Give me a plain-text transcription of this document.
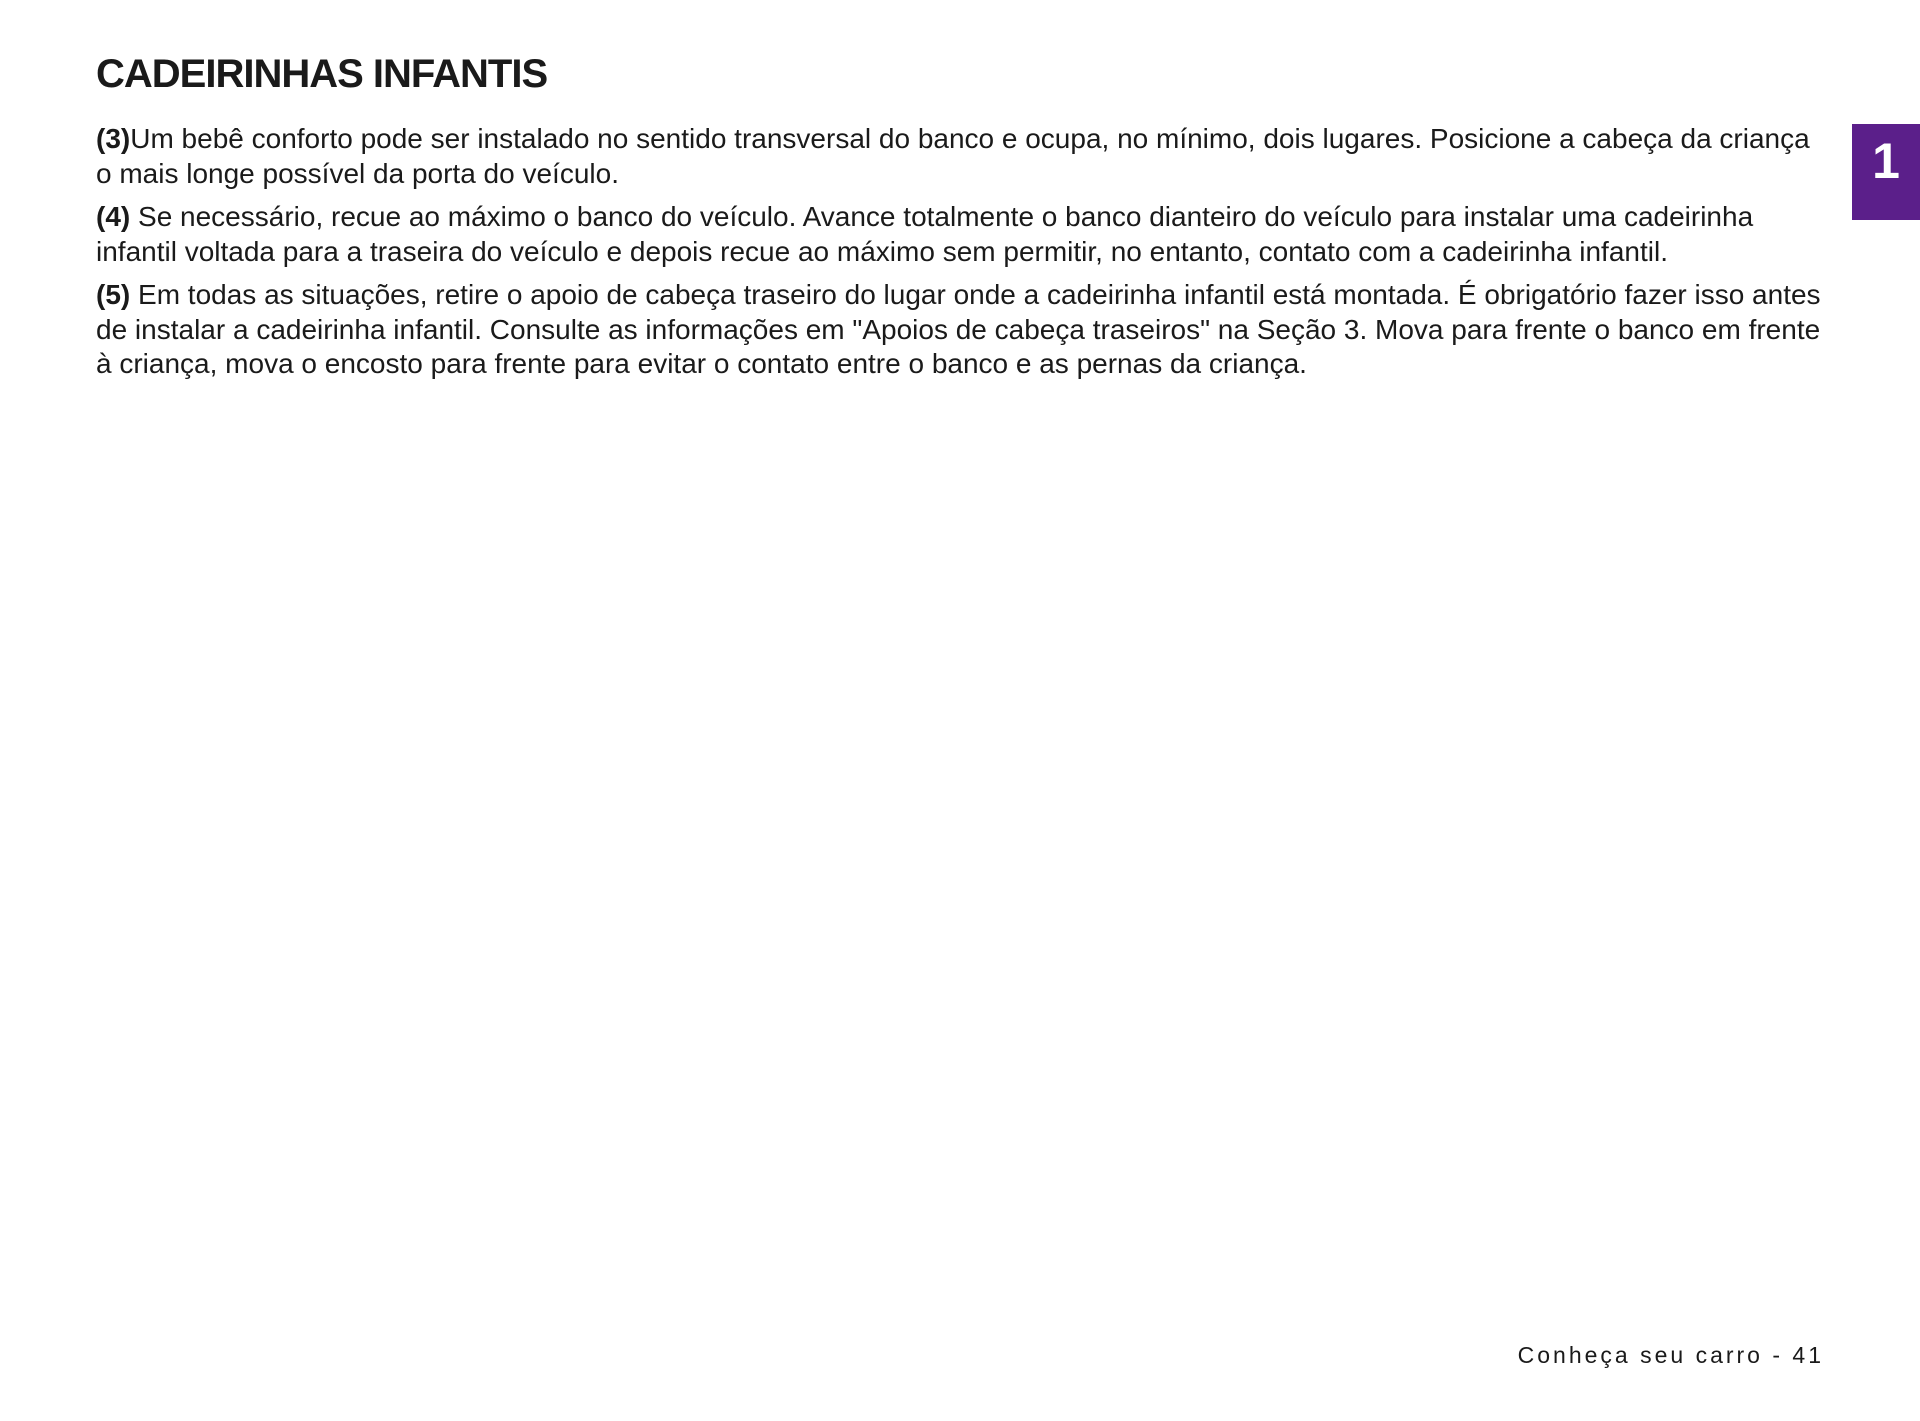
CADEIRINHAS INFANTIS
1

(3)Um bebê conforto pode ser instalado no sentido transversal do banco e ocupa, no mínimo, dois lugares. Posicione a cabeça da criança o mais longe possível da porta do veículo.

(4) Se necessário, recue ao máximo o banco do veículo. Avance totalmente o banco dianteiro do veículo para instalar uma cadeirinha infantil voltada para a traseira do veículo e depois recue ao máximo sem permitir, no entanto, contato com a cadeirinha infantil.

(5) Em todas as situações, retire o apoio de cabeça traseiro do lugar onde a cadeirinha infantil está montada. É obrigatório fazer isso antes de instalar a cadeirinha infantil. Consulte as informações em "Apoios de cabeça traseiros" na Seção 3. Mova para frente o banco em frente à criança, mova o encosto para frente para evitar o contato entre o banco e as pernas da criança.

Conheça seu carro - 41
